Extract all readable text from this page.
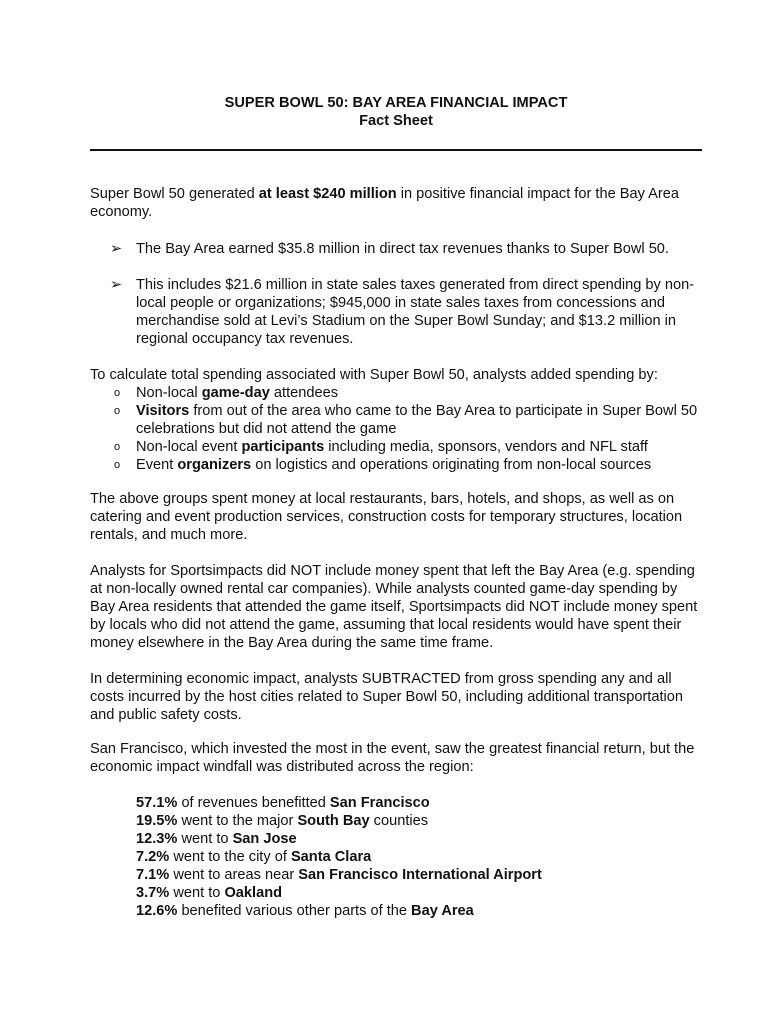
SUPER BOWL 50: BAY AREA FINANCIAL IMPACT
Fact Sheet

Super Bowl 50 generated at least $240 million in positive financial impact for the Bay Area economy.

➢ The Bay Area earned $35.8 million in direct tax revenues thanks to Super Bowl 50.
➢ This includes $21.6 million in state sales taxes generated from direct spending by non-local people or organizations; $945,000 in state sales taxes from concessions and merchandise sold at Levi’s Stadium on the Super Bowl Sunday; and $13.2 million in regional occupancy tax revenues.

To calculate total spending associated with Super Bowl 50, analysts added spending by:

o Non-local game-day attendees
o Visitors from out of the area who came to the Bay Area to participate in Super Bowl 50 celebrations but did not attend the game
o Non-local event participants including media, sponsors, vendors and NFL staff
o Event organizers on logistics and operations originating from non-local sources

The above groups spent money at local restaurants, bars, hotels, and shops, as well as on catering and event production services, construction costs for temporary structures, location rentals, and much more.

Analysts for Sportsimpacts did NOT include money spent that left the Bay Area (e.g. spending at non-locally owned rental car companies). While analysts counted game-day spending by Bay Area residents that attended the game itself, Sportsimpacts did NOT include money spent by locals who did not attend the game, assuming that local residents would have spent their money elsewhere in the Bay Area during the same time frame.

In determining economic impact, analysts SUBTRACTED from gross spending any and all costs incurred by the host cities related to Super Bowl 50, including additional transportation and public safety costs.

San Francisco, which invested the most in the event, saw the greatest financial return, but the economic impact windfall was distributed across the region:

57.1% of revenues benefitted San Francisco
19.5% went to the major South Bay counties
12.3% went to San Jose
7.2% went to the city of Santa Clara
7.1% went to areas near San Francisco International Airport
3.7% went to Oakland
12.6% benefited various other parts of the Bay Area
